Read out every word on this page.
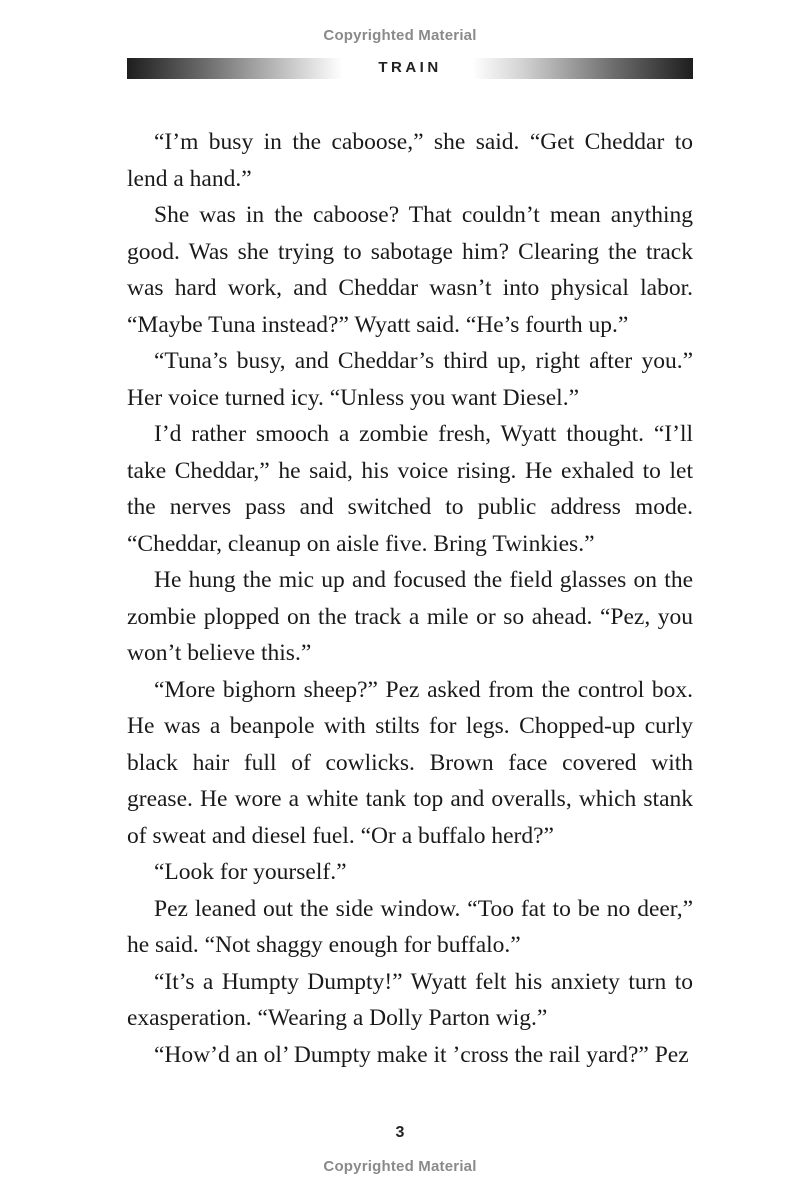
Copyrighted Material
TRAIN

“I’m busy in the caboose,” she said. “Get Cheddar to lend a hand.”

She was in the caboose? That couldn’t mean anything good. Was she trying to sabotage him? Clearing the track was hard work, and Cheddar wasn’t into physical labor. “Maybe Tuna instead?” Wyatt said. “He’s fourth up.”

“Tuna’s busy, and Cheddar’s third up, right after you.” Her voice turned icy. “Unless you want Diesel.”

I’d rather smooch a zombie fresh, Wyatt thought. “I’ll take Cheddar,” he said, his voice rising. He exhaled to let the nerves pass and switched to public address mode. “Cheddar, cleanup on aisle five. Bring Twinkies.”

He hung the mic up and focused the field glasses on the zombie plopped on the track a mile or so ahead. “Pez, you won’t believe this.”

“More bighorn sheep?” Pez asked from the control box. He was a beanpole with stilts for legs. Chopped-up curly black hair full of cowlicks. Brown face covered with grease. He wore a white tank top and overalls, which stank of sweat and diesel fuel. “Or a buffalo herd?”

“Look for yourself.”

Pez leaned out the side window. “Too fat to be no deer,” he said. “Not shaggy enough for buffalo.”

“It’s a Humpty Dumpty!” Wyatt felt his anxiety turn to exasperation. “Wearing a Dolly Parton wig.”

“How’d an ol’ Dumpty make it ’cross the rail yard?” Pez

3
Copyrighted Material
